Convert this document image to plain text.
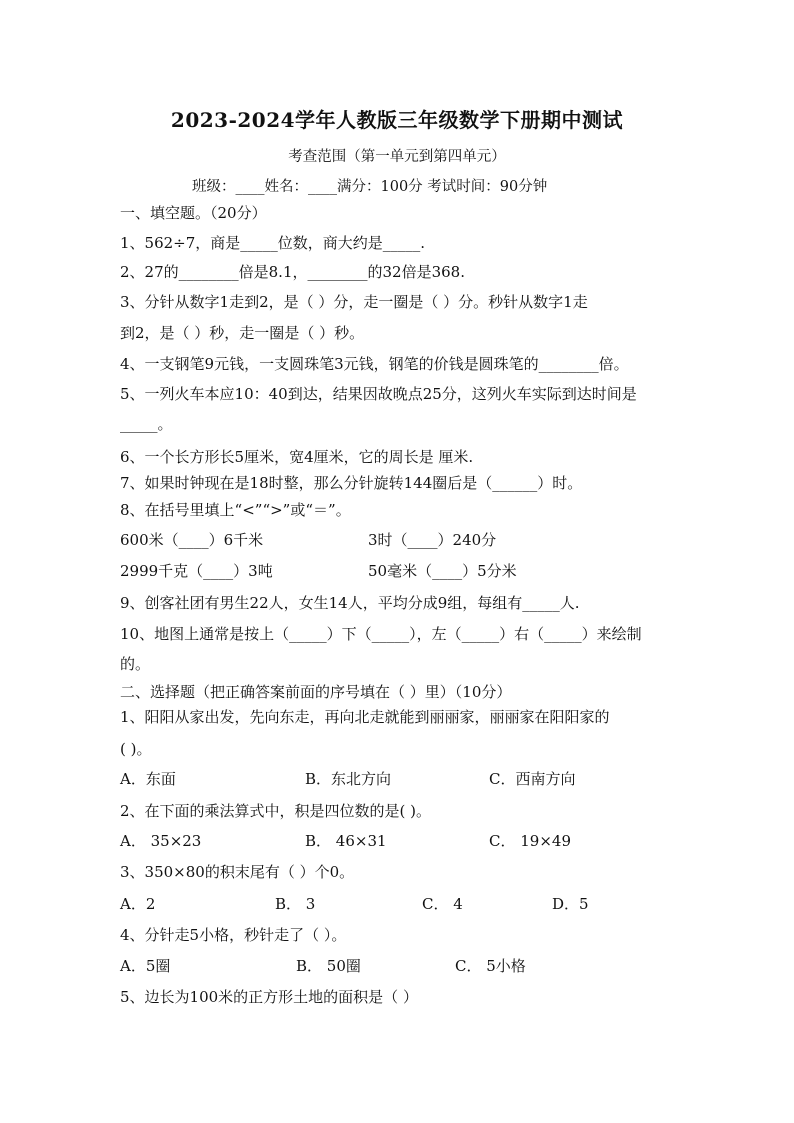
2023-2024学年人教版三年级数学下册期中测试
考查范围（第一单元到第四单元）
班级：____姓名：____满分：100分 考试时间：90分钟
一、填空题。（20分）
1、562÷7，商是_____位数，商大约是_____.
2、27的________倍是8.1，________的32倍是368.
3、分针从数字1走到2，是（ ）分，走一圈是（ ）分。秒针从数字1走
到2，是（ ）秒，走一圈是（ ）秒。
4、一支钢笔9元钱，一支圆珠笔3元钱，钢笔的价钱是圆珠笔的________倍。
5、一列火车本应10：40到达，结果因故晚点25分，这列火车实际到达时间是
_____。
6、一个长方形长5厘米，宽4厘米，它的周长是 厘米.
7、如果时钟现在是18时整，那么分针旋转144圈后是（______）时。
8、在括号里填上“<”“>”或“＝”。
600米（____）6千米	3时（____）240分
2999千克（____）3吨	50毫米（____）5分米
9、创客社团有男生22人，女生14人，平均分成9组，每组有_____人.
10、地图上通常是按上（_____）下（_____），左（_____）右（_____）来绘制
的。
二、选择题（把正确答案前面的序号填在（ ）里）（10分）
1、阳阳从家出发，先向东走，再向北走就能到丽丽家，丽丽家在阳阳家的
( )。
A．东面	B．东北方向	C．西南方向
2、在下面的乘法算式中，积是四位数的是( )。
A． 35×23	B． 46×31	C． 19×49
3、350×80的积末尾有（ ）个0。
A．2	B． 3	C． 4	D．5
4、分针走5小格，秒针走了（ ）。
A．5圈	B． 50圈	C． 5小格
5、边长为100米的正方形土地的面积是（ ）
